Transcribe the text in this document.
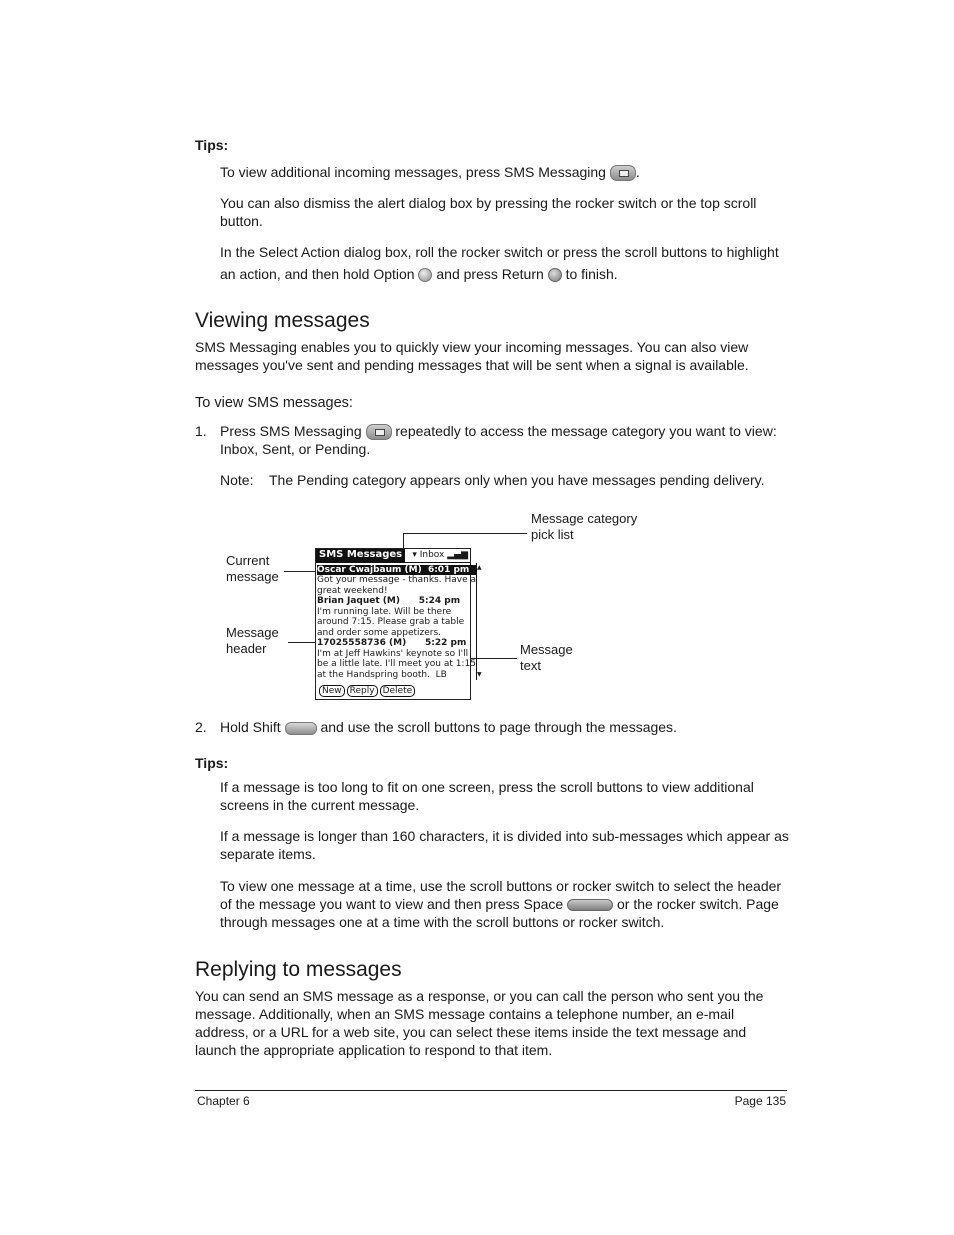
Tips:
To view additional incoming messages, press SMS Messaging .
You can also dismiss the alert dialog box by pressing the rocker switch or the top scroll button.
In the Select Action dialog box, roll the rocker switch or press the scroll buttons to highlight
an action, and then hold Option and press Return to finish.
Viewing messages
SMS Messaging enables you to quickly view your incoming messages. You can also view messages you've sent and pending messages that will be sent when a signal is available.
To view SMS messages:
1. Press SMS Messaging repeatedly to access the message category you want to view:
Inbox, Sent, or Pending.
Note: The Pending category appears only when you have messages pending delivery.
Message category
pick list
Current
message
Message
header	Message
text
SMS Messages	▾ Inbox ▂▄▆
Oscar Cwajbaum (M)  6:01 pm
Got your message - thanks. Have a
great weekend!
Brian Jaquet (M)      5:24 pm
I'm running late. Will be there
around 7:15. Please grab a table
and order some appetizers.
17025558736 (M)      5:22 pm
I'm at Jeff Hawkins' keynote so I'll
be a little late. I'll meet you at 1:15
at the Handspring booth.  LB
▲
▼
New Reply Delete
2. Hold Shift	and use the scroll buttons to page through the messages.
Tips:
If a message is too long to fit on one screen, press the scroll buttons to view additional screens in the current message.
If a message is longer than 160 characters, it is divided into sub-messages which appear as separate items.
To view one message at a time, use the scroll buttons or rocker switch to select the header
of the message you want to view and then press Space	or the rocker switch. Page
through messages one at a time with the scroll buttons or rocker switch.
Replying to messages
You can send an SMS message as a response, or you can call the person who sent you the message. Additionally, when an SMS message contains a telephone number, an e-mail address, or a URL for a web site, you can select these items inside the text message and launch the appropriate application to respond to that item.
Chapter 6	Page 135
